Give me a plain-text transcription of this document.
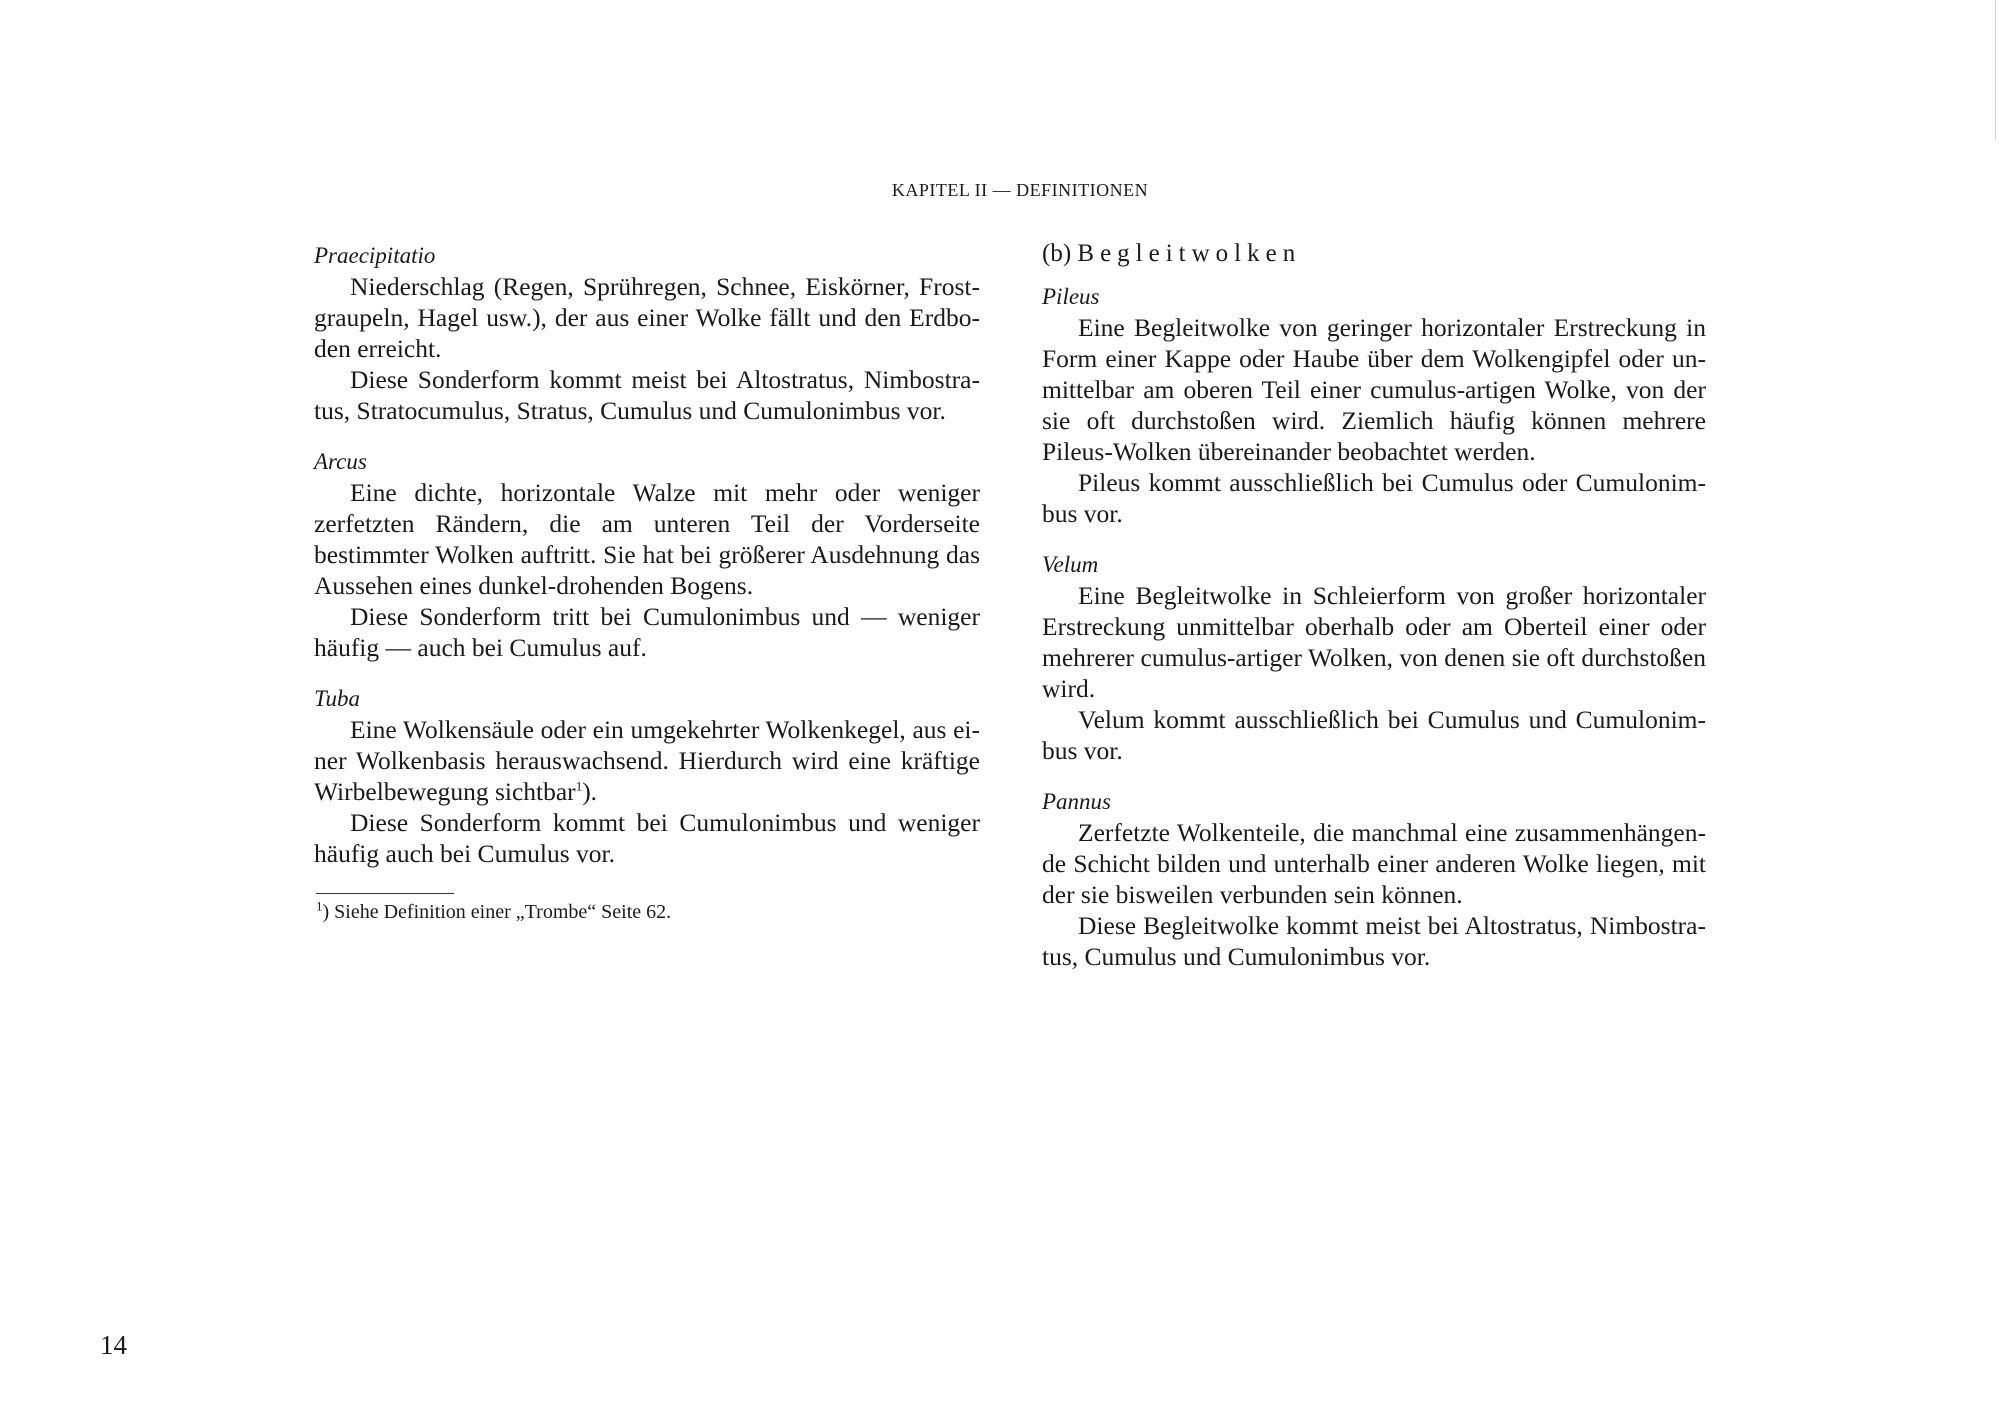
KAPITEL II — DEFINITIONEN

Praecipitatio

Niederschlag (Regen, Sprühregen, Schnee, Eiskörner, Frostgraupeln, Hagel usw.), der aus einer Wolke fällt und den Erdboden erreicht.

Diese Sonderform kommt meist bei Altostratus, Nimbostratus, Stratocumulus, Stratus, Cumulus und Cumulonimbus vor.

Arcus

Eine dichte, horizontale Walze mit mehr oder weniger zerfetzten Rändern, die am unteren Teil der Vorderseite bestimmter Wolken auftritt. Sie hat bei größerer Ausdehnung das Aussehen eines dunkel-drohenden Bogens.

Diese Sonderform tritt bei Cumulonimbus und — weniger häufig — auch bei Cumulus auf.

Tuba

Eine Wolkensäule oder ein umgekehrter Wolkenkegel, aus einer Wolkenbasis herauswachsend. Hierdurch wird eine kräftige Wirbelbewegung sichtbar$^1$).

Diese Sonderform kommt bei Cumulonimbus und weniger häufig auch bei Cumulus vor.

$^1$) Siehe Definition einer „Trombe“ Seite 62.

(b) Begleitwolken

Pileus

Eine Begleitwolke von geringer horizontaler Erstreckung in Form einer Kappe oder Haube über dem Wolkengipfel oder unmittelbar am oberen Teil einer cumulus-artigen Wolke, von der sie oft durchstoßen wird. Ziemlich häufig können mehrere Pileus-Wolken übereinander beobachtet werden.

Pileus kommt ausschließlich bei Cumulus oder Cumulonimbus vor.

Velum

Eine Begleitwolke in Schleierform von großer horizontaler Erstreckung unmittelbar oberhalb oder am Oberteil einer oder mehrerer cumulus-artiger Wolken, von denen sie oft durchstoßen wird.

Velum kommt ausschließlich bei Cumulus und Cumulonimbus vor.

Pannus

Zerfetzte Wolkenteile, die manchmal eine zusammenhängende Schicht bilden und unterhalb einer anderen Wolke liegen, mit der sie bisweilen verbunden sein können.

Diese Begleitwolke kommt meist bei Altostratus, Nimbostratus, Cumulus und Cumulonimbus vor.

14
